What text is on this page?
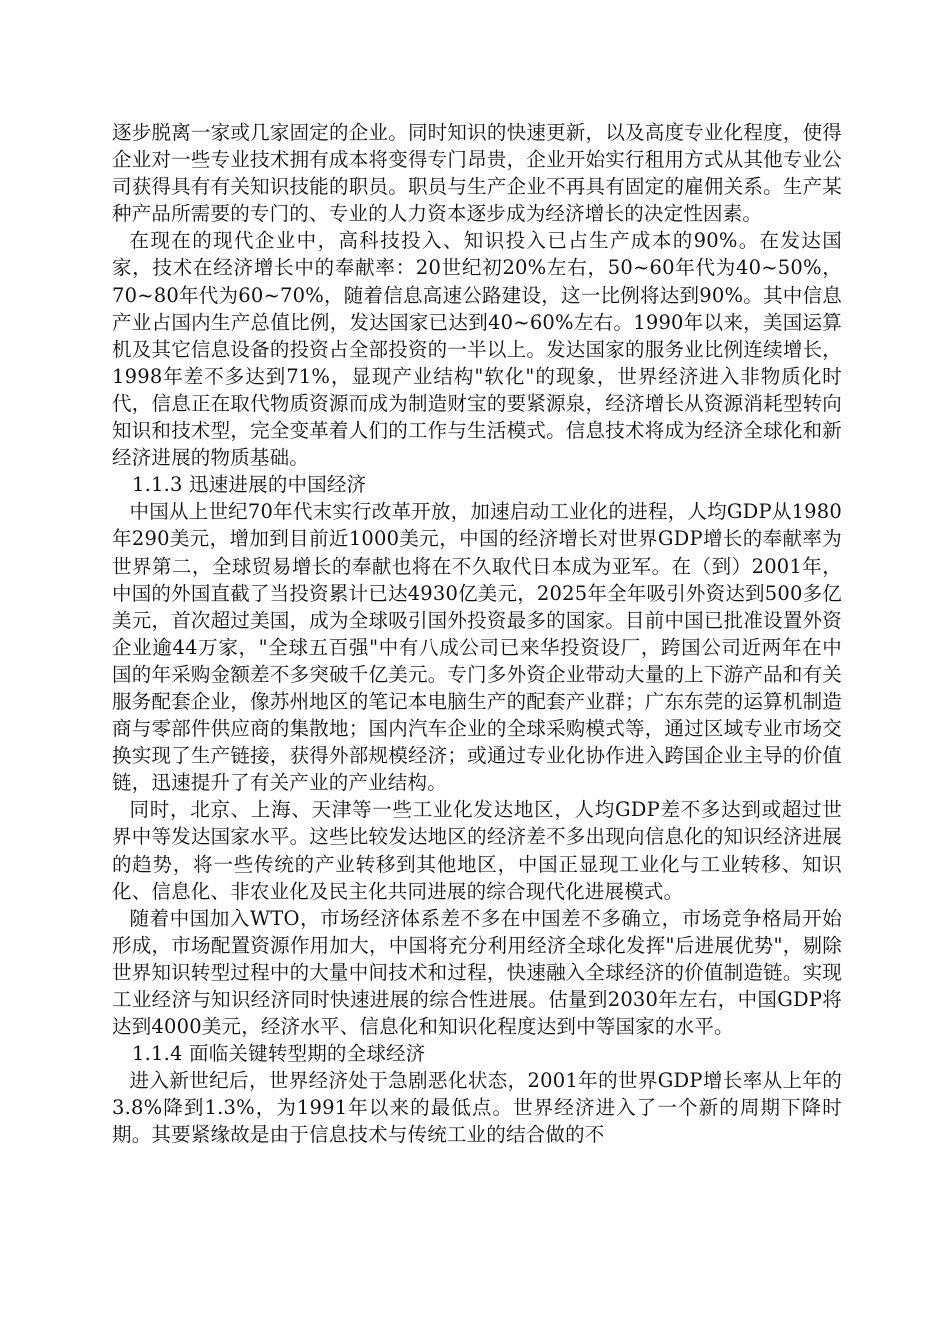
逐步脱离一家或几家固定的企业。同时知识的快速更新，以及高度专业化程度，使得企业对一些专业技术拥有成本将变得专门昂贵，企业开始实行租用方式从其他专业公司获得具有有关知识技能的职员。职员与生产企业不再具有固定的雇佣关系。生产某种产品所需要的专门的、专业的人力资本逐步成为经济增长的决定性因素。

在现在的现代企业中，高科技投入、知识投入已占生产成本的90%。在发达国家，技术在经济增长中的奉献率：20世纪初20%左右，50~60年代为40~50%，70~80年代为60~70%，随着信息高速公路建设，这一比例将达到90%。其中信息产业占国内生产总值比例，发达国家已达到40~60%左右。1990年以来，美国运算机及其它信息设备的投资占全部投资的一半以上。发达国家的服务业比例连续增长，1998年差不多达到71%，显现产业结构"软化"的现象，世界经济进入非物质化时代，信息正在取代物质资源而成为制造财宝的要紧源泉，经济增长从资源消耗型转向知识和技术型，完全变革着人们的工作与生活模式。信息技术将成为经济全球化和新经济进展的物质基础。

1.1.3 迅速进展的中国经济

中国从上世纪70年代末实行改革开放，加速启动工业化的进程，人均GDP从1980年290美元，增加到目前近1000美元，中国的经济增长对世界GDP增长的奉献率为世界第二，全球贸易增长的奉献也将在不久取代日本成为亚军。在（到）2001年，中国的外国直截了当投资累计已达4930亿美元，2025年全年吸引外资达到500多亿美元，首次超过美国，成为全球吸引国外投资最多的国家。目前中国已批准设置外资企业逾44万家，"全球五百强"中有八成公司已来华投资设厂，跨国公司近两年在中国的年采购金额差不多突破千亿美元。专门多外资企业带动大量的上下游产品和有关服务配套企业，像苏州地区的笔记本电脑生产的配套产业群；广东东莞的运算机制造商与零部件供应商的集散地；国内汽车企业的全球采购模式等，通过区域专业市场交换实现了生产链接，获得外部规模经济；或通过专业化协作进入跨国企业主导的价值链，迅速提升了有关产业的产业结构。

同时，北京、上海、天津等一些工业化发达地区，人均GDP差不多达到或超过世界中等发达国家水平。这些比较发达地区的经济差不多出现向信息化的知识经济进展的趋势，将一些传统的产业转移到其他地区，中国正显现工业化与工业转移、知识化、信息化、非农业化及民主化共同进展的综合现代化进展模式。

随着中国加入WTO，市场经济体系差不多在中国差不多确立，市场竞争格局开始形成，市场配置资源作用加大，中国将充分利用经济全球化发挥"后进展优势"，剔除世界知识转型过程中的大量中间技术和过程，快速融入全球经济的价值制造链。实现工业经济与知识经济同时快速进展的综合性进展。估量到2030年左右，中国GDP将达到4000美元，经济水平、信息化和知识化程度达到中等国家的水平。

1.1.4 面临关键转型期的全球经济

进入新世纪后，世界经济处于急剧恶化状态，2001年的世界GDP增长率从上年的3.8%降到1.3%，为1991年以来的最低点。世界经济进入了一个新的周期下降时期。其要紧缘故是由于信息技术与传统工业的结合做的不
